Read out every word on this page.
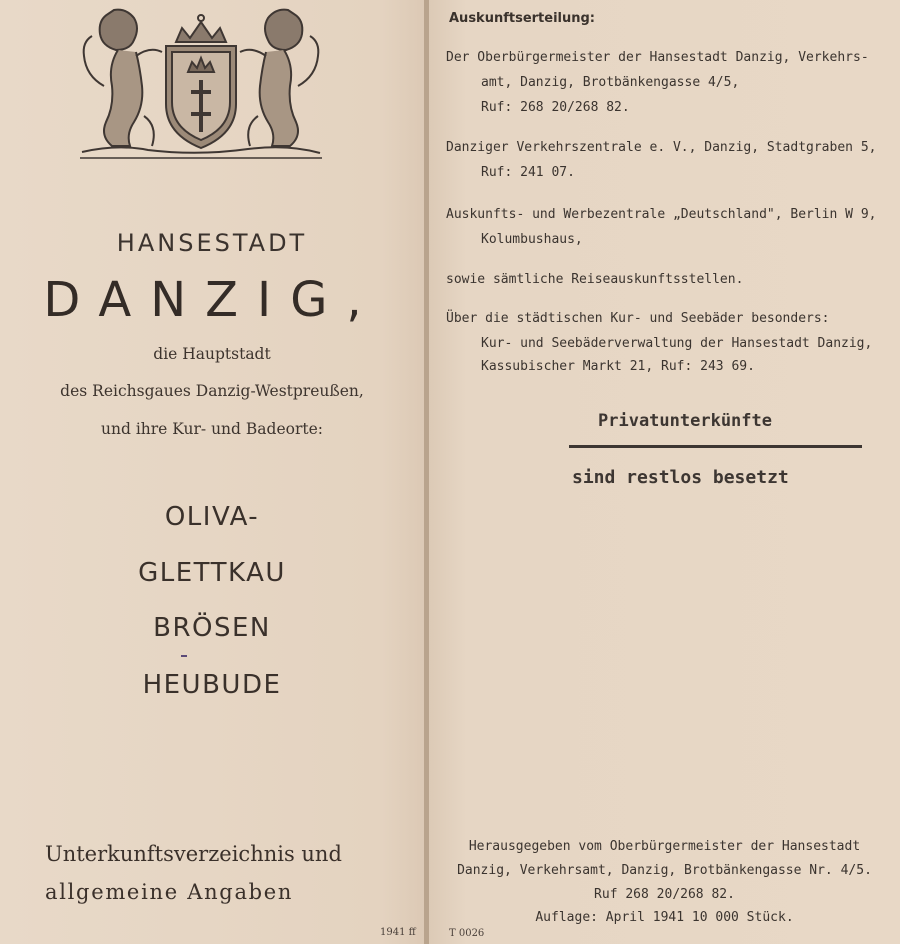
HANSESTADT
DANZIG,
die Hauptstadt
des Reichsgaues Danzig-Westpreußen,
und ihre Kur- und Badeorte:
OLIVA-
GLETTKAU
BRÖSEN
HEUBUDE
Unterkunftsverzeichnis und
allgemeine Angaben
1941 ff
Auskunftserteilung:
Der Oberbürgermeister der Hansestadt Danzig, Verkehrs-
amt, Danzig, Brotbänkengasse 4/5,
Ruf: 268 20/268 82.
Danziger Verkehrszentrale e. V., Danzig, Stadtgraben 5,
Ruf: 241 07.
Auskunfts- und Werbezentrale „Deutschland", Berlin W 9,
Kolumbushaus,
sowie sämtliche Reiseauskunftsstellen.
Über die städtischen Kur- und Seebäder besonders:
Kur- und Seebäderverwaltung der Hansestadt Danzig,
Kassubischer Markt 21, Ruf: 243 69.
Privatunterkünfte
sind restlos besetzt
Herausgegeben vom Oberbürgermeister der Hansestadt
Danzig, Verkehrsamt, Danzig, Brotbänkengasse Nr. 4/5.
Ruf 268 20/268 82.
Auflage: April 1941 10 000 Stück.
T 0026
